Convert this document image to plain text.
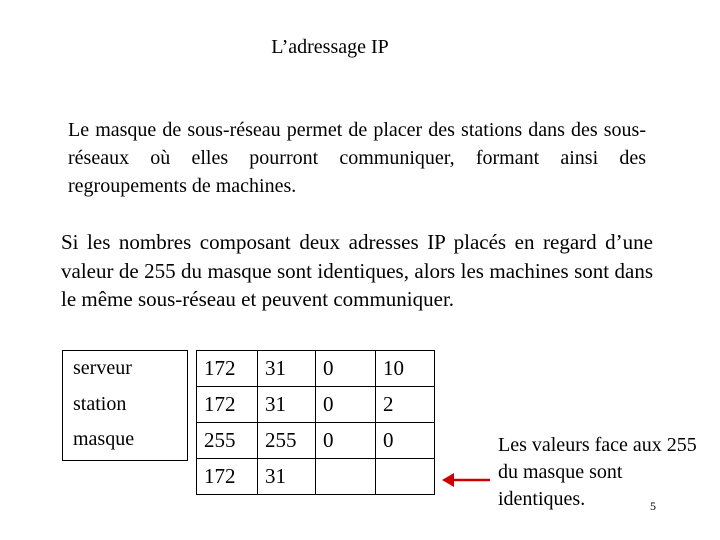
L’adressage IP
Le masque de sous-réseau permet de placer des stations dans des sous-réseaux où elles pourront communiquer, formant ainsi des regroupements de machines.
Si les nombres composant deux adresses IP placés en regard d’une valeur de 255 du masque sont identiques, alors les machines sont dans le même sous-réseau et peuvent communiquer.
serveur
station
masque
172	31	0	10
172	31	0	2
255	255	0	0
172	31		
Les valeurs face aux 255 du masque sont identiques.	5
